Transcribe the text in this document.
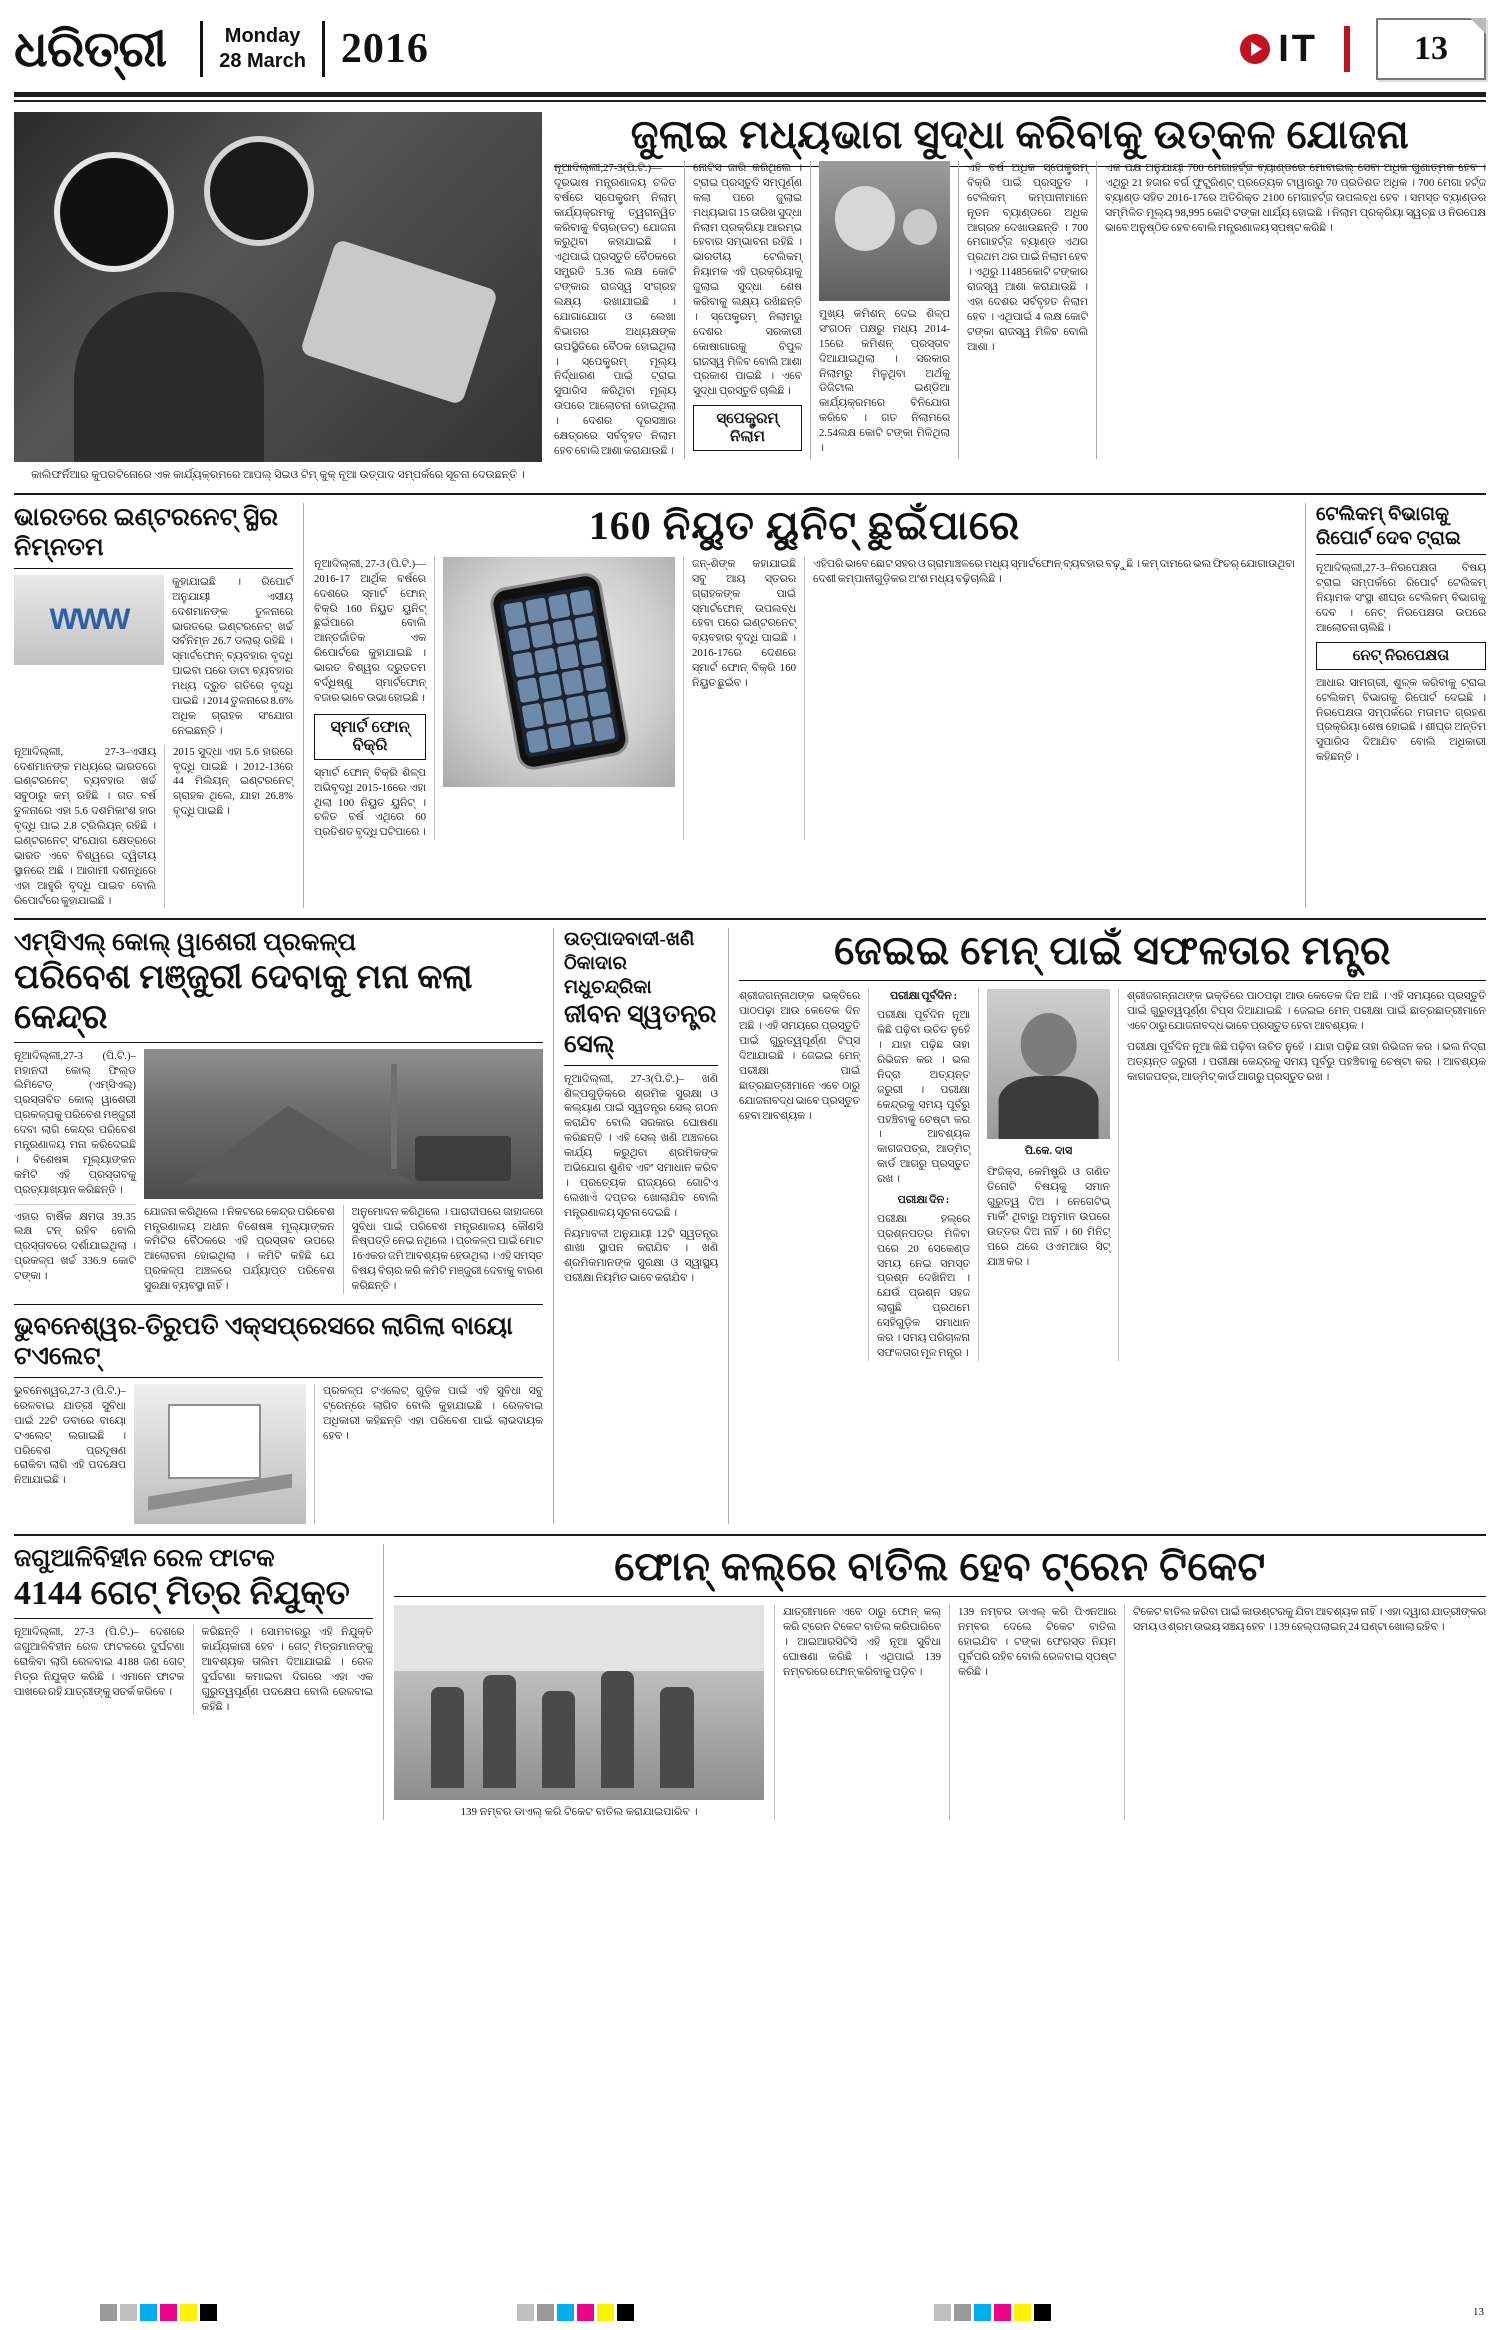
ଧରିତ୍ରୀ	Monday
28 March 2016	IT	13
କାଲିଫର୍ନିଆର କୁପରଟିନୋରେ ଏକ କାର୍ଯ୍ୟକ୍ରମରେ ଆପଲ୍ ସିଇଓ ଟିମ୍ କୁକ୍ ନୂଆ ଉତ୍ପାଦ ସମ୍ପର୍କରେ ସୂଚନା ଦେଉଛନ୍ତି ।
ଜୁଲାଇ ମଧ୍ୟଭାଗ ସୁଦ୍ଧା କରିବାକୁ ଉତ୍କଳ ଯୋଜନା
ନୂଆଦିଲ୍ଲୀ,27-3(ପି.ଟି.)—ଦୂରଭାଷ ମନ୍ତ୍ରଣାଳୟ ଚଳିତ ବର୍ଷରେ ସ୍ପେକ୍ଟ୍ରମ୍ ନିଲାମ୍ କାର୍ଯ୍ୟକ୍ରମକୁ ତ୍ୱରାନ୍ୱିତ କରିବାକୁ ବିଚାର(ଡଟ୍) ଯୋଜନା କରୁଥିବା କହାଯାଇଛି । ଏଥିପାଇଁ ପ୍ରସ୍ତୁତି ବୈଠକରେ ସମ୍ପ୍ରତି 5.36 ଲକ୍ଷ କୋଟି ଟଙ୍କାର ରାଜସ୍ୱ ସଂଗ୍ରହ ଲକ୍ଷ୍ୟ ରଖାଯାଇଛି । ଯୋଗାଯୋଗ ଓ ଲେଖା ବିଭାଗର ଅଧ୍ୟକ୍ଷଙ୍କ ଉପସ୍ଥିତିରେ ବୈଠକ ହୋଇଥିଲା । ସ୍ପେକ୍ଟ୍ରମ୍ ମୂଲ୍ୟ ନିର୍ଦ୍ଧାରଣ ପାଇଁ ଟ୍ରାଇ ସୁପାରିସ କରିଥିବା ମୂଲ୍ୟ ଉପରେ ଆଲୋଚନା ହୋଇଥିଲା । ଦେଶର ଦୂରସଞ୍ଚାର କ୍ଷେତ୍ରରେ ସର୍ବବୃହତ ନିଲାମ ହେବ ବୋଲି ଆଶା କରାଯାଉଛି ।
ନୋଟିସ ଜାରି କରିଥିଲେ । ଟ୍ରାଇ ପ୍ରସ୍ତୁତି ସମ୍ପୂର୍ଣ୍ଣ କଲା ପରେ ଜୁଲାଇ ମଧ୍ୟଭାଗ 15 ତାରିଖ ସୁଦ୍ଧା ନିଲାମ ପ୍ରକ୍ରିୟା ଆରମ୍ଭ ହେବାର ସମ୍ଭାବନା ରହିଛି । ଭାରତୀୟ ଟେଲିକମ୍ ନିୟାମକ ଏହି ପ୍ରକ୍ରିୟାକୁ ଜୁଲାଇ ସୁଦ୍ଧା ଶେଷ କରିବାକୁ ଲକ୍ଷ୍ୟ ରଖିଛନ୍ତି । ସ୍ପେକ୍ଟ୍ରମ୍ ନିଲାମରୁ ଦେଶର ସରକାରୀ କୋଷାଗାରକୁ ବିପୁଳ ରାଜସ୍ୱ ମିଳିବ ବୋଲି ଆଶା ପ୍ରକାଶ ପାଇଛି । ଏବେ ସୁଦ୍ଧା ପ୍ରସ୍ତୁତି ଚାଲିଛି ।
ସ୍ପେକ୍ଟ୍ରମ୍ ନିଲାମ
ମୁଖ୍ୟ କମିଶନ୍ ଦେଇ ଶିଳ୍ପ ସଂଗଠନ ପକ୍ଷରୁ ମଧ୍ୟ 2014-15ରେ କମିଶନ୍ ପ୍ରସ୍ତାବ ଦିଆଯାଇଥିଲା । ସରକାର ନିଲାମରୁ ମିଳୁଥିବା ଅର୍ଥକୁ ଡିଜିଟାଲ ଇଣ୍ଡିଆ କାର୍ଯ୍ୟକ୍ରମରେ ବିନିଯୋଗ କରିବେ । ଗତ ନିଲାମରେ 2.54ଲକ୍ଷ କୋଟି ଟଙ୍କା ମିଳିଥିଲା ।
ଏହି ବର୍ଷ ଅଧିକ ସ୍ପେକ୍ଟ୍ରମ୍ ବିକ୍ରି ପାଇଁ ପ୍ରସ୍ତୁତ । ଟେଲିକମ୍ କମ୍ପାନୀମାନେ ନୂତନ ବ୍ୟାଣ୍ଡରେ ଅଧିକ ଆଗ୍ରହ ଦେଖାଉଛନ୍ତି । 700 ମେଗାହର୍ଟ୍ଜ ବ୍ୟାଣ୍ଡ ଏଥର ପ୍ରଥମ ଥର ପାଇଁ ନିଲାମ ହେବ । ଏଥିରୁ 11485କୋଟି ଟଙ୍କାର ରାଜସ୍ୱ ଆଶା କରାଯାଉଛି । ଏହା ଦେଶର ସର୍ବବୃହତ ନିଲାମ ହେବ । ଏଥିପାଇଁ 4 ଲକ୍ଷ କୋଟି ଟଙ୍କା ରାଜସ୍ୱ ମିଳିବ ବୋଲି ଆଶା ।
ଏକ ପକ୍ଷ ଅନୁଯାୟୀ 700 ମେଗାହର୍ଟ୍ଜ ବ୍ୟାଣ୍ଡରେ ମୋବାଇଲ୍ ସେବା ଅଧିକ ଗୁଣାତ୍ମକ ହେବ । ଏଥିରୁ 21 ହଜାର ବର୍ଗ ଫୁଟ୍ପ୍ରିଣ୍ଟ୍ ପ୍ରତ୍ୟେକ ଟାୱାରରୁ 70 ପ୍ରତିଶତ ଅଧିକ । 700 ମେଗା ହର୍ଟ୍ଜ ବ୍ୟାଣ୍ଡ ସହିତ 2016-17ରେ ଅତିରିକ୍ତ 2100 ମେଗାହର୍ଟ୍ଜ ଉପଲବ୍ଧ ହେବ । ସମସ୍ତ ବ୍ୟାଣ୍ଡର ସମ୍ମିଳିତ ମୂଲ୍ୟ 98,995 କୋଟି ଟଙ୍କା ଧାର୍ଯ୍ୟ ହୋଇଛି । ନିଲାମ ପ୍ରକ୍ରିୟା ସ୍ୱଚ୍ଛ ଓ ନିରପେକ୍ଷ ଭାବେ ଅନୁଷ୍ଠିତ ହେବ ବୋଲି ମନ୍ତ୍ରଣାଳୟ ସ୍ପଷ୍ଟ କରିଛି ।
ଭାରତରେ ଇଣ୍ଟରନେଟ୍ ସ୍ଥିର ନିମ୍ନତମ
WWW
କୁହାଯାଇଛି । ରିପୋର୍ଟ ଅନୁଯାୟୀ ଏସୀୟ ଦେଶମାନଙ୍କ ତୁଳନାରେ ଭାରତରେ ଇଣ୍ଟରନେଟ୍ ଖର୍ଚ୍ଚ ସର୍ବନିମ୍ନ 26.7 ଡଲାର୍ ରହିଛି । ସ୍ମାର୍ଟଫୋନ୍ ବ୍ୟବହାର ବୃଦ୍ଧି ପାଇବା ପରେ ଡାଟା ବ୍ୟବହାର ମଧ୍ୟ ଦ୍ରୁତ ଗତିରେ ବୃଦ୍ଧି ପାଇଛି । 2014 ତୁଳନାରେ 8.6% ଅଧିକ ଗ୍ରାହକ ସଂଯୋଗ ନେଇଛନ୍ତି ।
ନୂଆଦିଲ୍ଲୀ, 27-3–ଏସୀୟ ଦେଶମାନଙ୍କ ମଧ୍ୟରେ ଭାରତରେ ଇଣ୍ଟରନେଟ୍ ବ୍ୟବହାର ଖର୍ଚ୍ଚ ସବୁଠାରୁ କମ୍ ରହିଛି । ଗତ ବର୍ଷ ତୁଳନାରେ ଏହା 5.6 ଦଶମିକାଂଶ ହାର ବୃଦ୍ଧି ପାଇ 2.8 ଟ୍ରିଲିୟନ୍ ରହିଛି । ଇଣ୍ଟରନେଟ୍ ସଂଯୋଗ କ୍ଷେତ୍ରରେ ଭାରତ ଏବେ ବିଶ୍ୱରେ ଦ୍ୱିତୀୟ ସ୍ଥାନରେ ଅଛି । ଆଗାମୀ ଦଶନ୍ଧିରେ ଏହା ଆହୁରି ବୃଦ୍ଧି ପାଇବ ବୋଲି ରିପୋର୍ଟରେ କୁହାଯାଇଛି ।
2015 ସୁଦ୍ଧା ଏହା 5.6 ହାରରେ ବୃଦ୍ଧି ପାଇଛି । 2012-13ରେ 44 ମିଲିୟନ୍ ଇଣ୍ଟରନେଟ୍ ଗ୍ରାହକ ଥିଲେ, ଯାହା 26.8% ବୃଦ୍ଧି ପାଇଛି ।
160 ନିୟୁତ ୟୁନିଟ୍ ଛୁଇଁପାରେ
ନୂଆଦିଲ୍ଲୀ, 27-3 (ପି.ଟି.)—2016-17 ଆର୍ଥିକ ବର୍ଷରେ ଦେଶରେ ସ୍ମାର୍ଟ ଫୋନ୍ ବିକ୍ରି 160 ନିୟୁତ ୟୁନିଟ୍ ଛୁଇଁପାରେ ବୋଲି ଆନ୍ତର୍ଜାତିକ ଏକ ରିପୋର୍ଟରେ କୁହାଯାଇଛି । ଭାରତ ବିଶ୍ୱର ଦ୍ରୁତତମ ବର୍ଦ୍ଧିଷ୍ଣୁ ସ୍ମାର୍ଟଫୋନ୍ ବଜାର ଭାବେ ଉଭା ହୋଇଛି ।
ସ୍ମାର୍ଟ ଫୋନ୍ ବିକ୍ରି
ସ୍ମାର୍ଟ ଫୋନ୍ ବିକ୍ରି ଶିଳ୍ପ ଅଭିବୃଦ୍ଧି 2015-16ରେ ଏହା ଥିଲା 100 ନିୟୁତ ୟୁନିଟ୍ । ଚଳିତ ବର୍ଷ ଏଥିରେ 60 ପ୍ରତିଶତ ବୃଦ୍ଧି ଘଟିପାରେ ।
ଜନ୍-ଶିଙ୍କ କହାଯାଇଛି ସବୁ ଆୟ ସ୍ତରର ଗ୍ରାହକଙ୍କ ପାଇଁ ସ୍ମାର୍ଟଫୋନ୍ ଉପଲବ୍ଧ ହେବା ପରେ ଇଣ୍ଟରନେଟ୍ ବ୍ୟବହାର ବୃଦ୍ଧି ପାଇଛି । 2016-17ରେ ଦେଶରେ ସ୍ମାର୍ଟ ଫୋନ୍ ବିକ୍ରି 160 ନିୟୁତ ଛୁଇଁବ ।
ଏହିପରି ଭାବେ ଛୋଟ ସହର ଓ ଗ୍ରାମାଞ୍ଚଳରେ ମଧ୍ୟ ସ୍ମାର୍ଟଫୋନ୍ ବ୍ୟବହାର ବଢ଼ୁଛି । କମ୍ ଦାମରେ ଭଲ ଫିଚର୍ ଯୋଗାଉଥିବା ଦେଶୀ କମ୍ପାନୀଗୁଡ଼ିକର ଅଂଶ ମଧ୍ୟ ବଢ଼ିଚାଲିଛି ।
ଟେଲିକମ୍ ବିଭାଗକୁ ରିପୋର୍ଟ ଦେବ ଟ୍ରାଇ
ନୂଆଦିଲ୍ଲୀ,27-3–ନିରପେକ୍ଷତା ବିଷୟ ଟ୍ରାଇ ସମ୍ପର୍କରେ ରିପୋର୍ଟ ଟେଲିକମ୍ ନିୟାମକ ସଂସ୍ଥା ଶୀଘ୍ର ଟେଲିକମ୍ ବିଭାଗକୁ ଦେବ । ନେଟ୍ ନିରପେକ୍ଷତା ଉପରେ ଆଲୋଚନା ଚାଲିଛି ।
ନେଟ୍ ନିରପେକ୍ଷତା
ଆଧାର ସାମଗ୍ରୀ, ଶୁଳ୍କ କରିବାକୁ ଟ୍ରାଇ ଟେଲିକମ୍ ବିଭାଗକୁ ରିପୋର୍ଟ ଦେଇଛି । ନିରପେକ୍ଷତା ସମ୍ପର୍କରେ ମତାମତ ଗ୍ରହଣ ପ୍ରକ୍ରିୟା ଶେଷ ହୋଇଛି । ଶୀଘ୍ର ଅନ୍ତିମ ସୁପାରିସ ଦିଆଯିବ ବୋଲି ଅଧିକାରୀ କହିଛନ୍ତି ।
ଏମ୍ସିଏଲ୍ କୋଲ୍ ୱାଶେରୀ ପ୍ରକଳ୍ପ
ପରିବେଶ ମଞ୍ଜୁରୀ ଦେବାକୁ ମନା କଲା କେନ୍ଦ୍ର
ନୂଆଦିଲ୍ଲୀ,27-3 (ପି.ଟି.)–ମହାନଦୀ କୋଲ୍ ଫିଲ୍ଡ ଲିମିଟେଡ୍ (ଏମ୍ସିଏଲ୍) ପ୍ରସ୍ତାବିତ କୋଲ୍ ୱାଶେରୀ ପ୍ରକଳ୍ପକୁ ପରିବେଶ ମଞ୍ଜୁରୀ ଦେବା ଲାଗି କେନ୍ଦ୍ର ପରିବେଶ ମନ୍ତ୍ରଣାଳୟ ମନା କରିଦେଇଛି । ବିଶେଷଜ୍ଞ ମୂଲ୍ୟାଙ୍କନ କମିଟି ଏହି ପ୍ରସ୍ତାବକୁ ପ୍ରତ୍ୟାଖ୍ୟାନ କରିଛନ୍ତି ।
ଏହାର ବାର୍ଷିକ କ୍ଷମତା 39.35 ଲକ୍ଷ ଟନ୍ ରହିବ ବୋଲି ପ୍ରସ୍ତାବରେ ଦର୍ଶାଯାଇଥିଲା । ପ୍ରକଳ୍ପ ଖର୍ଚ୍ଚ 336.9 କୋଟି ଟଙ୍କା ।
ଯୋଜନା କରିଥିଲେ । ନିକଟରେ କେନ୍ଦ୍ର ପରିବେଶ ମନ୍ତ୍ରଣାଳୟ ଅଧୀନ ବିଶେଷଜ୍ଞ ମୂଲ୍ୟାଙ୍କନ କମିଟିର ବୈଠକରେ ଏହି ପ୍ରସ୍ତାବ ଉପରେ ଆଲୋଚନା ହୋଇଥିଲା । କମିଟି କହିଛି ଯେ ପ୍ରକଳ୍ପ ଅଞ୍ଚଳରେ ପର୍ଯ୍ୟାପ୍ତ ପରିବେଶ ସୁରକ୍ଷା ବ୍ୟବସ୍ଥା ନାହିଁ ।
ଅନୁମୋଦନ କରିଥିଲେ । ପାରାଦୀପରେ ଜାହାଜରେ ସୁବିଧା ପାଇଁ ପରିବେଶ ମନ୍ତ୍ରଣାଳୟ କୌଣସି ନିଷ୍ପତ୍ତି ନେଇ ନଥିଲେ । ପ୍ରକଳ୍ପ ପାଇଁ ମୋଟ 16ଏକର ଜମି ଆବଶ୍ୟକ ହେଉଥିଲା । ଏହି ସମସ୍ତ ବିଷୟ ବିଚାର କରି କମିଟି ମଞ୍ଜୁରୀ ଦେବାକୁ ବାରଣ କରିଛନ୍ତି ।
ଭୁବନେଶ୍ୱର-ତିରୁପତି ଏକ୍ସପ୍ରେସରେ ଲାଗିଲା ବାୟୋ ଟଏଲେଟ୍
ଭୁବନେଶ୍ୱର,27-3 (ପି.ଟି.)– ରେଳବାଇ ଯାତ୍ରୀ ସୁବିଧା ପାଇଁ 22ଟି ଡବାରେ ବାୟୋ ଟଏଲେଟ୍ ଲଗାଇଛି । ପରିବେଶ ପ୍ରଦୂଷଣ ରୋକିବା ଲାଗି ଏହି ପଦକ୍ଷେପ ନିଆଯାଇଛି ।
ପ୍ରକଳ୍ପ ଟଏଲେଟ୍ ଗୁଡ଼ିକ ପାଇଁ ଏହି ସୁବିଧା ସବୁ ଟ୍ରେନ୍ରେ ଲାଗିବ ବୋଲି କୁହାଯାଇଛି । ରେଳବାଇ ଅଧିକାରୀ କହିଛନ୍ତି ଏହା ପରିବେଶ ପାଇଁ ଲାଭଦାୟକ ହେବ ।
ଉତ୍ପାଦବାଦୀ-ଖଣି ଠିକାଦାର ମଧୁଚନ୍ଦ୍ରିକା
ଜୀବନ ସ୍ୱତନ୍ତ୍ର ସେଲ୍
ନୂଆଦିଲ୍ଲୀ, 27-3(ପି.ଟି.)– ଖଣି ଶିଳ୍ପଗୁଡ଼ିକରେ ଶ୍ରମିକ ସୁରକ୍ଷା ଓ କଲ୍ୟାଣ ପାଇଁ ସ୍ୱତନ୍ତ୍ର ସେଲ୍ ଗଠନ କରାଯିବ ବୋଲି ସରକାର ଘୋଷଣା କରିଛନ୍ତି । ଏହି ସେଲ୍ ଖଣି ଅଞ୍ଚଳରେ କାର୍ଯ୍ୟ କରୁଥିବା ଶ୍ରମିକଙ୍କ ଅଭିଯୋଗ ଶୁଣିବ ଏବଂ ସମାଧାନ କରିବ । ପ୍ରତ୍ୟେକ ରାଜ୍ୟରେ ଗୋଟିଏ ଲେଖାଏଁ ଦପ୍ତର ଖୋଲାଯିବ ବୋଲି ମନ୍ତ୍ରଣାଳୟ ସୂଚନା ଦେଇଛି ।
ନିୟମାବଳୀ ଅନୁଯାୟୀ 12ଟି ସ୍ୱତନ୍ତ୍ର ଶାଖା ସ୍ଥାପନ କରାଯିବ । ଖଣି ଶ୍ରମିକମାନଙ୍କ ସୁରକ୍ଷା ଓ ସ୍ୱାସ୍ଥ୍ୟ ପରୀକ୍ଷା ନିୟମିତ ଭାବେ କରାଯିବ ।
ଜେଇଇ ମେନ୍ ପାଇଁ ସଫଳତାର ମନ୍ତ୍ର
ଶ୍ରୀଜଗନ୍ନାଥଙ୍କ ଭକ୍ତିରେ ପାଠପଢ଼ା ଆଉ କେତେକ ଦିନ ଅଛି । ଏହି ସମୟରେ ପ୍ରସ୍ତୁତି ପାଇଁ ଗୁରୁତ୍ୱପୂର୍ଣ୍ଣ ଟିପ୍ସ ଦିଆଯାଇଛି । ଜେଇଇ ମେନ୍ ପରୀକ୍ଷା ପାଇଁ ଛାତ୍ରଛାତ୍ରୀମାନେ ଏବେ ଠାରୁ ଯୋଜନାବଦ୍ଧ ଭାବେ ପ୍ରସ୍ତୁତ ହେବା ଆବଶ୍ୟକ ।
ପରୀକ୍ଷା ପୂର୍ବଦିନ :
ପରୀକ୍ଷା ପୂର୍ବଦିନ ନୂଆ କିଛି ପଢ଼ିବା ଉଚିତ ନୁହେଁ । ଯାହା ପଢ଼ିଛ ତାହା ରିଭିଜନ କର । ଭଲ ନିଦ୍ରା ଅତ୍ୟନ୍ତ ଜରୁରୀ । ପରୀକ୍ଷା କେନ୍ଦ୍ରକୁ ସମୟ ପୂର୍ବରୁ ପହଞ୍ଚିବାକୁ ଚେଷ୍ଟା କର । ଆବଶ୍ୟକ କାଗଜପତ୍ର, ଆଡ୍ମିଟ୍ କାର୍ଡ ଆଗରୁ ପ୍ରସ୍ତୁତ ରଖ ।
ପରୀକ୍ଷା ଦିନ :
ପରୀକ୍ଷା ହଲ୍‌ରେ ପ୍ରଶ୍ନପତ୍ର ମିଳିବା ପରେ 20 ସେକେଣ୍ଡ ସମୟ ନେଇ ସମସ୍ତ ପ୍ରଶ୍ନ ଦେଖିନିଅ । ଯେଉଁ ପ୍ରଶ୍ନ ସହଜ ଲାଗୁଛି ପ୍ରଥମେ ସେହିଗୁଡ଼ିକ ସମାଧାନ କର । ସମୟ ପରିଚାଳନା ସଫଳତାର ମୂଳ ମନ୍ତ୍ର ।
ପି.କେ. ଦାସ
ଫିଜିକ୍ସ, କେମିଷ୍ଟ୍ରି ଓ ଗଣିତ ତିନୋଟି ବିଷୟକୁ ସମାନ ଗୁରୁତ୍ୱ ଦିଅ । ନେଗେଟିଭ୍ ମାର୍କିଂ ଥିବାରୁ ଅନୁମାନ ଉପରେ ଉତ୍ତର ଦିଅ ନାହିଁ । 60 ମିନିଟ୍ ପରେ ଥରେ ଓଏମଆର ସିଟ୍ ଯାଞ୍ଚ କର ।
ଶ୍ରୀଜଗନ୍ନାଥଙ୍କ ଭକ୍ତିରେ ପାଠପଢ଼ା ଆଉ କେତେକ ଦିନ ଅଛି । ଏହି ସମୟରେ ପ୍ରସ୍ତୁତି ପାଇଁ ଗୁରୁତ୍ୱପୂର୍ଣ୍ଣ ଟିପ୍ସ ଦିଆଯାଇଛି । ଜେଇଇ ମେନ୍ ପରୀକ୍ଷା ପାଇଁ ଛାତ୍ରଛାତ୍ରୀମାନେ ଏବେ ଠାରୁ ଯୋଜନାବଦ୍ଧ ଭାବେ ପ୍ରସ୍ତୁତ ହେବା ଆବଶ୍ୟକ ।
ପରୀକ୍ଷା ପୂର୍ବଦିନ ନୂଆ କିଛି ପଢ଼ିବା ଉଚିତ ନୁହେଁ । ଯାହା ପଢ଼ିଛ ତାହା ରିଭିଜନ କର । ଭଲ ନିଦ୍ରା ଅତ୍ୟନ୍ତ ଜରୁରୀ । ପରୀକ୍ଷା କେନ୍ଦ୍ରକୁ ସମୟ ପୂର୍ବରୁ ପହଞ୍ଚିବାକୁ ଚେଷ୍ଟା କର । ଆବଶ୍ୟକ କାଗଜପତ୍ର, ଆଡ୍ମିଟ୍ କାର୍ଡ ଆଗରୁ ପ୍ରସ୍ତୁତ ରଖ ।
ଜଗୁଆଳିବିହୀନ ରେଳ ଫାଟକ
4144 ଗେଟ୍ ମିତ୍ର ନିଯୁକ୍ତ
ନୂଆଦିଲ୍ଲୀ, 27-3 (ପି.ଟି.)– ଦେଶରେ ଜଗୁଆଳିବିହୀନ ରେଳ ଫାଟକରେ ଦୁର୍ଘଟଣା ରୋକିବା ଲାଗି ରେଳବାଇ 4188 ଜଣ ଗେଟ୍ ମିତ୍ର ନିଯୁକ୍ତ କରିଛି । ଏମାନେ ଫାଟକ ପାଖରେ ରହି ଯାତ୍ରୀଙ୍କୁ ସତର୍କ କରିବେ ।
କରିଛନ୍ତି । ସୋମବାରରୁ ଏହି ନିଯୁକ୍ତି କାର୍ଯ୍ୟକାରୀ ହେବ । ଗେଟ୍ ମିତ୍ରମାନଙ୍କୁ ଆବଶ୍ୟକ ତାଲିମ ଦିଆଯାଇଛି । ରେଳ ଦୁର୍ଘଟଣା କମାଇବା ଦିଗରେ ଏହା ଏକ ଗୁରୁତ୍ୱପୂର୍ଣ୍ଣ ପଦକ୍ଷେପ ବୋଲି ରେଳବାଇ କହିଛି ।
ଫୋନ୍ କଲ୍‌ରେ ବାତିଲ ହେବ ଟ୍ରେନ ଟିକେଟ
139 ନମ୍ବର ଡାଏଲ୍ କରି ଟିକେଟ ବାତିଲ କରାଯାଇପାରିବ ।
ଯାତ୍ରୀମାନେ ଏବେ ଠାରୁ ଫୋନ୍ କଲ୍ କରି ଟ୍ରେନ ଟିକେଟ ବାତିଲ କରିପାରିବେ । ଆଇଆରସିଟିସି ଏହି ନୂଆ ସୁବିଧା ଘୋଷଣା କରିଛି । ଏଥିପାଇଁ 139 ନମ୍ବରରେ ଫୋନ୍ କରିବାକୁ ପଡ଼ିବ ।
139 ନମ୍ବର ଡାଏଲ୍ କରି ପିଏନଆର ନମ୍ବର ଦେଲେ ଟିକେଟ ବାତିଲ ହୋଇଯିବ । ଟଙ୍କା ଫେରସ୍ତ ନିୟମ ପୂର୍ବପରି ରହିବ ବୋଲି ରେଳବାଇ ସ୍ପଷ୍ଟ କରିଛି ।
ଟିକେଟ ବାତିଲ କରିବା ପାଇଁ କାଉଣ୍ଟରକୁ ଯିବା ଆବଶ୍ୟକ ନାହିଁ । ଏହା ଦ୍ୱାରା ଯାତ୍ରୀଙ୍କର ସମୟ ଓ ଶ୍ରମ ଉଭୟ ସଞ୍ଚୟ ହେବ । 139 ହେଲ୍ପଲାଇନ୍ 24 ଘଣ୍ଟା ଖୋଲା ରହିବ ।
13
